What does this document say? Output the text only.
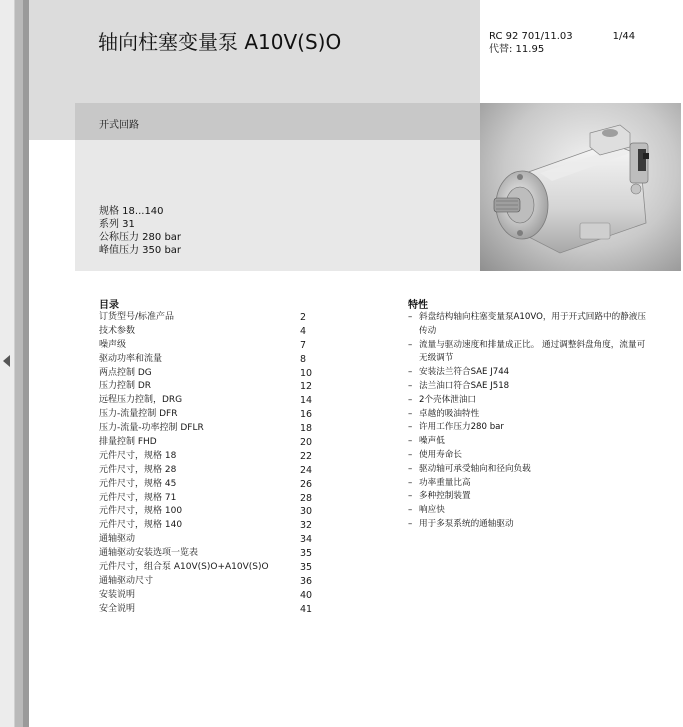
轴向柱塞变量泵 A10V(S)O	RC 92 701/11.03	1/44
代替: 11.95
开式回路
规格 18...140
系列 31
公称压力 280 bar
峰值压力 350 bar
目录
订货型号/标准产品	2
技术参数	4
噪声级	7
驱动功率和流量	8
两点控制 DG	10
压力控制 DR	12
远程压力控制，DRG	14
压力-流量控制 DFR	16
压力-流量-功率控制 DFLR	18
排量控制 FHD	20
元件尺寸，规格 18	22
元件尺寸，规格 28	24
元件尺寸，规格 45	26
元件尺寸，规格 71	28
元件尺寸，规格 100	30
元件尺寸，规格 140	32
通轴驱动	34
通轴驱动安装选项一览表	35
元件尺寸，组合泵 A10V(S)O+A10V(S)O	35
通轴驱动尺寸	36
安装说明	40
安全说明	41
特性
– 斜盘结构轴向柱塞变量泵A10VO，用于开式回路中的静液压传动
– 流量与驱动速度和排量成正比。 通过调整斜盘角度，流量可无级调节
– 安装法兰符合SAE J744
– 法兰油口符合SAE J518
– 2个壳体泄油口
– 卓越的吸油特性
– 许用工作压力280 bar
– 噪声低
– 使用寿命长
– 驱动轴可承受轴向和径向负载
– 功率重量比高
– 多种控制装置
– 响应快
– 用于多泵系统的通轴驱动
